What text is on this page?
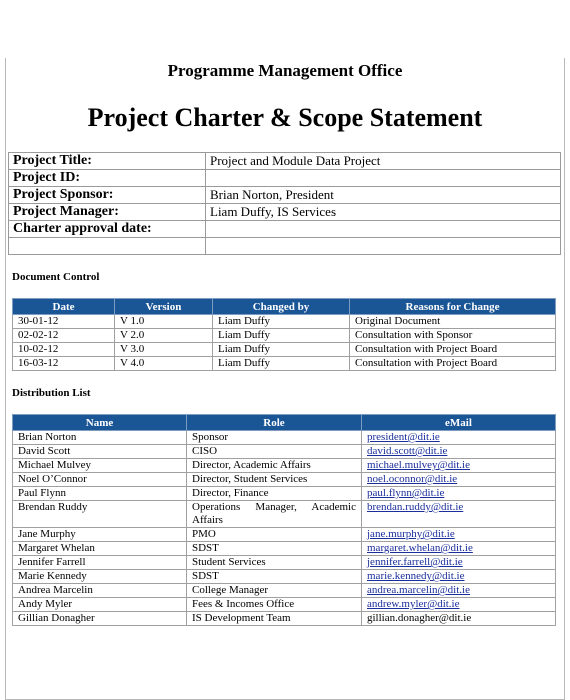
Programme Management Office
Project Charter & Scope Statement
Project Title:	Project and Module Data Project
Project ID:	
Project Sponsor:	Brian Norton, President
Project Manager:	Liam Duffy, IS Services
Charter approval date:	

Document Control
Date	Version	Changed by	Reasons for Change
30-01-12	V 1.0	Liam Duffy	Original Document
02-02-12	V 2.0	Liam Duffy	Consultation with Sponsor
10-02-12	V 3.0	Liam Duffy	Consultation with Project Board
16-03-12	V 4.0	Liam Duffy	Consultation with Project Board
Distribution List
Name	Role	eMail
Brian Norton	Sponsor	president@dit.ie
David Scott	CISO	david.scott@dit.ie
Michael Mulvey	Director, Academic Affairs	michael.mulvey@dit.ie
Noel O’Connor	Director, Student Services	noel.oconnor@dit.ie
Paul Flynn	Director, Finance	paul.flynn@dit.ie
Brendan Ruddy	Operations Manager, Academic Affairs	brendan.ruddy@dit.ie
Jane Murphy	PMO	jane.murphy@dit.ie
Margaret Whelan	SDST	margaret.whelan@dit.ie
Jennifer Farrell	Student Services	jennifer.farrell@dit.ie
Marie Kennedy	SDST	marie.kennedy@dit.ie
Andrea Marcelin	College Manager	andrea.marcelin@dit.ie
Andy Myler	Fees & Incomes Office	andrew.myler@dit.ie
Gillian Donagher	IS Development Team	gillian.donagher@dit.ie
